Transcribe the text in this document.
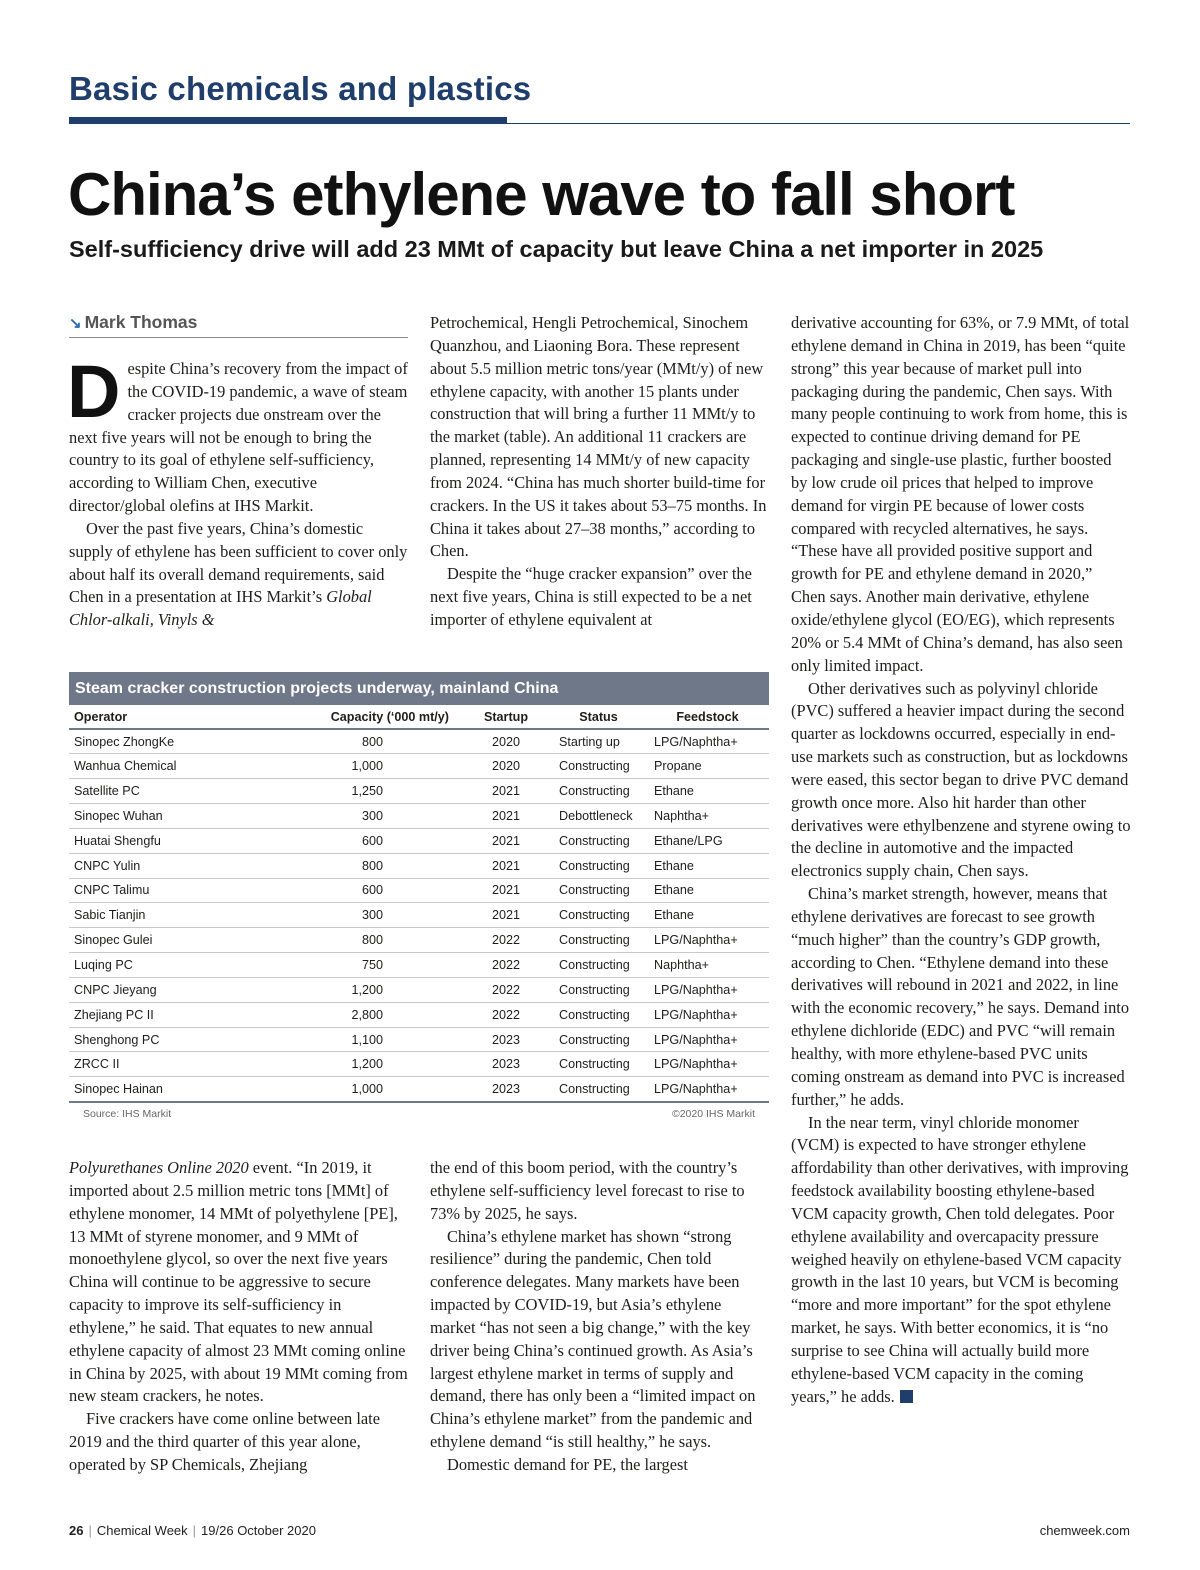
Basic chemicals and plastics
China’s ethylene wave to fall short
Self-sufficiency drive will add 23 MMt of capacity but leave China a net importer in 2025
↘ Mark Thomas

Despite China’s recovery from the impact of the COVID-19 pandemic, a wave of steam cracker projects due onstream over the next five years will not be enough to bring the country to its goal of ethylene self-sufficiency, according to William Chen, executive director/global olefins at IHS Markit.

Over the past five years, China’s domestic supply of ethylene has been sufficient to cover only about half its overall demand requirements, said Chen in a presentation at IHS Markit’s Global Chlor-alkali, Vinyls &

Petrochemical, Hengli Petrochemical, Sinochem Quanzhou, and Liaoning Bora. These represent about 5.5 million metric tons/year (MMt/y) of new ethylene capacity, with another 15 plants under construction that will bring a further 11 MMt/y to the market (table). An additional 11 crackers are planned, representing 14 MMt/y of new capacity from 2024. “China has much shorter build-time for crackers. In the US it takes about 53–75 months. In China it takes about 27–38 months,” according to Chen.

Despite the “huge cracker expansion” over the next five years, China is still expected to be a net importer of ethylene equivalent at

Steam cracker construction projects underway, mainland China
Operator	Capacity (‘000 mt/y)	Startup	Status	Feedstock
Sinopec ZhongKe	800	2020	Starting up	LPG/Naphtha+
Wanhua Chemical	1,000	2020	Constructing	Propane
Satellite PC	1,250	2021	Constructing	Ethane
Sinopec Wuhan	300	2021	Debottleneck	Naphtha+
Huatai Shengfu	600	2021	Constructing	Ethane/LPG
CNPC Yulin	800	2021	Constructing	Ethane
CNPC Talimu	600	2021	Constructing	Ethane
Sabic Tianjin	300	2021	Constructing	Ethane
Sinopec Gulei	800	2022	Constructing	LPG/Naphtha+
Luqing PC	750	2022	Constructing	Naphtha+
CNPC Jieyang	1,200	2022	Constructing	LPG/Naphtha+
Zhejiang PC II	2,800	2022	Constructing	LPG/Naphtha+
Shenghong PC	1,100	2023	Constructing	LPG/Naphtha+
ZRCC II	1,200	2023	Constructing	LPG/Naphtha+
Sinopec Hainan	1,000	2023	Constructing	LPG/Naphtha+
Source: IHS Markit	©2020 IHS Markit

Polyurethanes Online 2020 event. “In 2019, it imported about 2.5 million metric tons [MMt] of ethylene monomer, 14 MMt of polyethylene [PE], 13 MMt of styrene monomer, and 9 MMt of monoethylene glycol, so over the next five years China will continue to be aggressive to secure capacity to improve its self-sufficiency in ethylene,” he said. That equates to new annual ethylene capacity of almost 23 MMt coming online in China by 2025, with about 19 MMt coming from new steam crackers, he notes.

Five crackers have come online between late 2019 and the third quarter of this year alone, operated by SP Chemicals, Zhejiang

the end of this boom period, with the country’s ethylene self-sufficiency level forecast to rise to 73% by 2025, he says.

China’s ethylene market has shown “strong resilience” during the pandemic, Chen told conference delegates. Many markets have been impacted by COVID-19, but Asia’s ethylene market “has not seen a big change,” with the key driver being China’s continued growth. As Asia’s largest ethylene market in terms of supply and demand, there has only been a “limited impact on China’s ethylene market” from the pandemic and ethylene demand “is still healthy,” he says.

Domestic demand for PE, the largest

derivative accounting for 63%, or 7.9 MMt, of total ethylene demand in China in 2019, has been “quite strong” this year because of market pull into packaging during the pandemic, Chen says. With many people continuing to work from home, this is expected to continue driving demand for PE packaging and single-use plastic, further boosted by low crude oil prices that helped to improve demand for virgin PE because of lower costs compared with recycled alternatives, he says. “These have all provided positive support and growth for PE and ethylene demand in 2020,” Chen says. Another main derivative, ethylene oxide/ethylene glycol (EO/EG), which represents 20% or 5.4 MMt of China’s demand, has also seen only limited impact.

Other derivatives such as polyvinyl chloride (PVC) suffered a heavier impact during the second quarter as lockdowns occurred, especially in end-use markets such as construction, but as lockdowns were eased, this sector began to drive PVC demand growth once more. Also hit harder than other derivatives were ethylbenzene and styrene owing to the decline in automotive and the impacted electronics supply chain, Chen says.

China’s market strength, however, means that ethylene derivatives are forecast to see growth “much higher” than the country’s GDP growth, according to Chen. “Ethylene demand into these derivatives will rebound in 2021 and 2022, in line with the economic recovery,” he says. Demand into ethylene dichloride (EDC) and PVC “will remain healthy, with more ethylene-based PVC units coming onstream as demand into PVC is increased further,” he adds.

In the near term, vinyl chloride monomer (VCM) is expected to have stronger ethylene affordability than other derivatives, with improving feedstock availability boosting ethylene-based VCM capacity growth, Chen told delegates. Poor ethylene availability and overcapacity pressure weighed heavily on ethylene-based VCM capacity growth in the last 10 years, but VCM is becoming “more and more important” for the spot ethylene market, he says. With better economics, it is “no surprise to see China will actually build more ethylene-based VCM capacity in the coming years,” he adds.

26 | Chemical Week | 19/26 October 2020	chemweek.com
